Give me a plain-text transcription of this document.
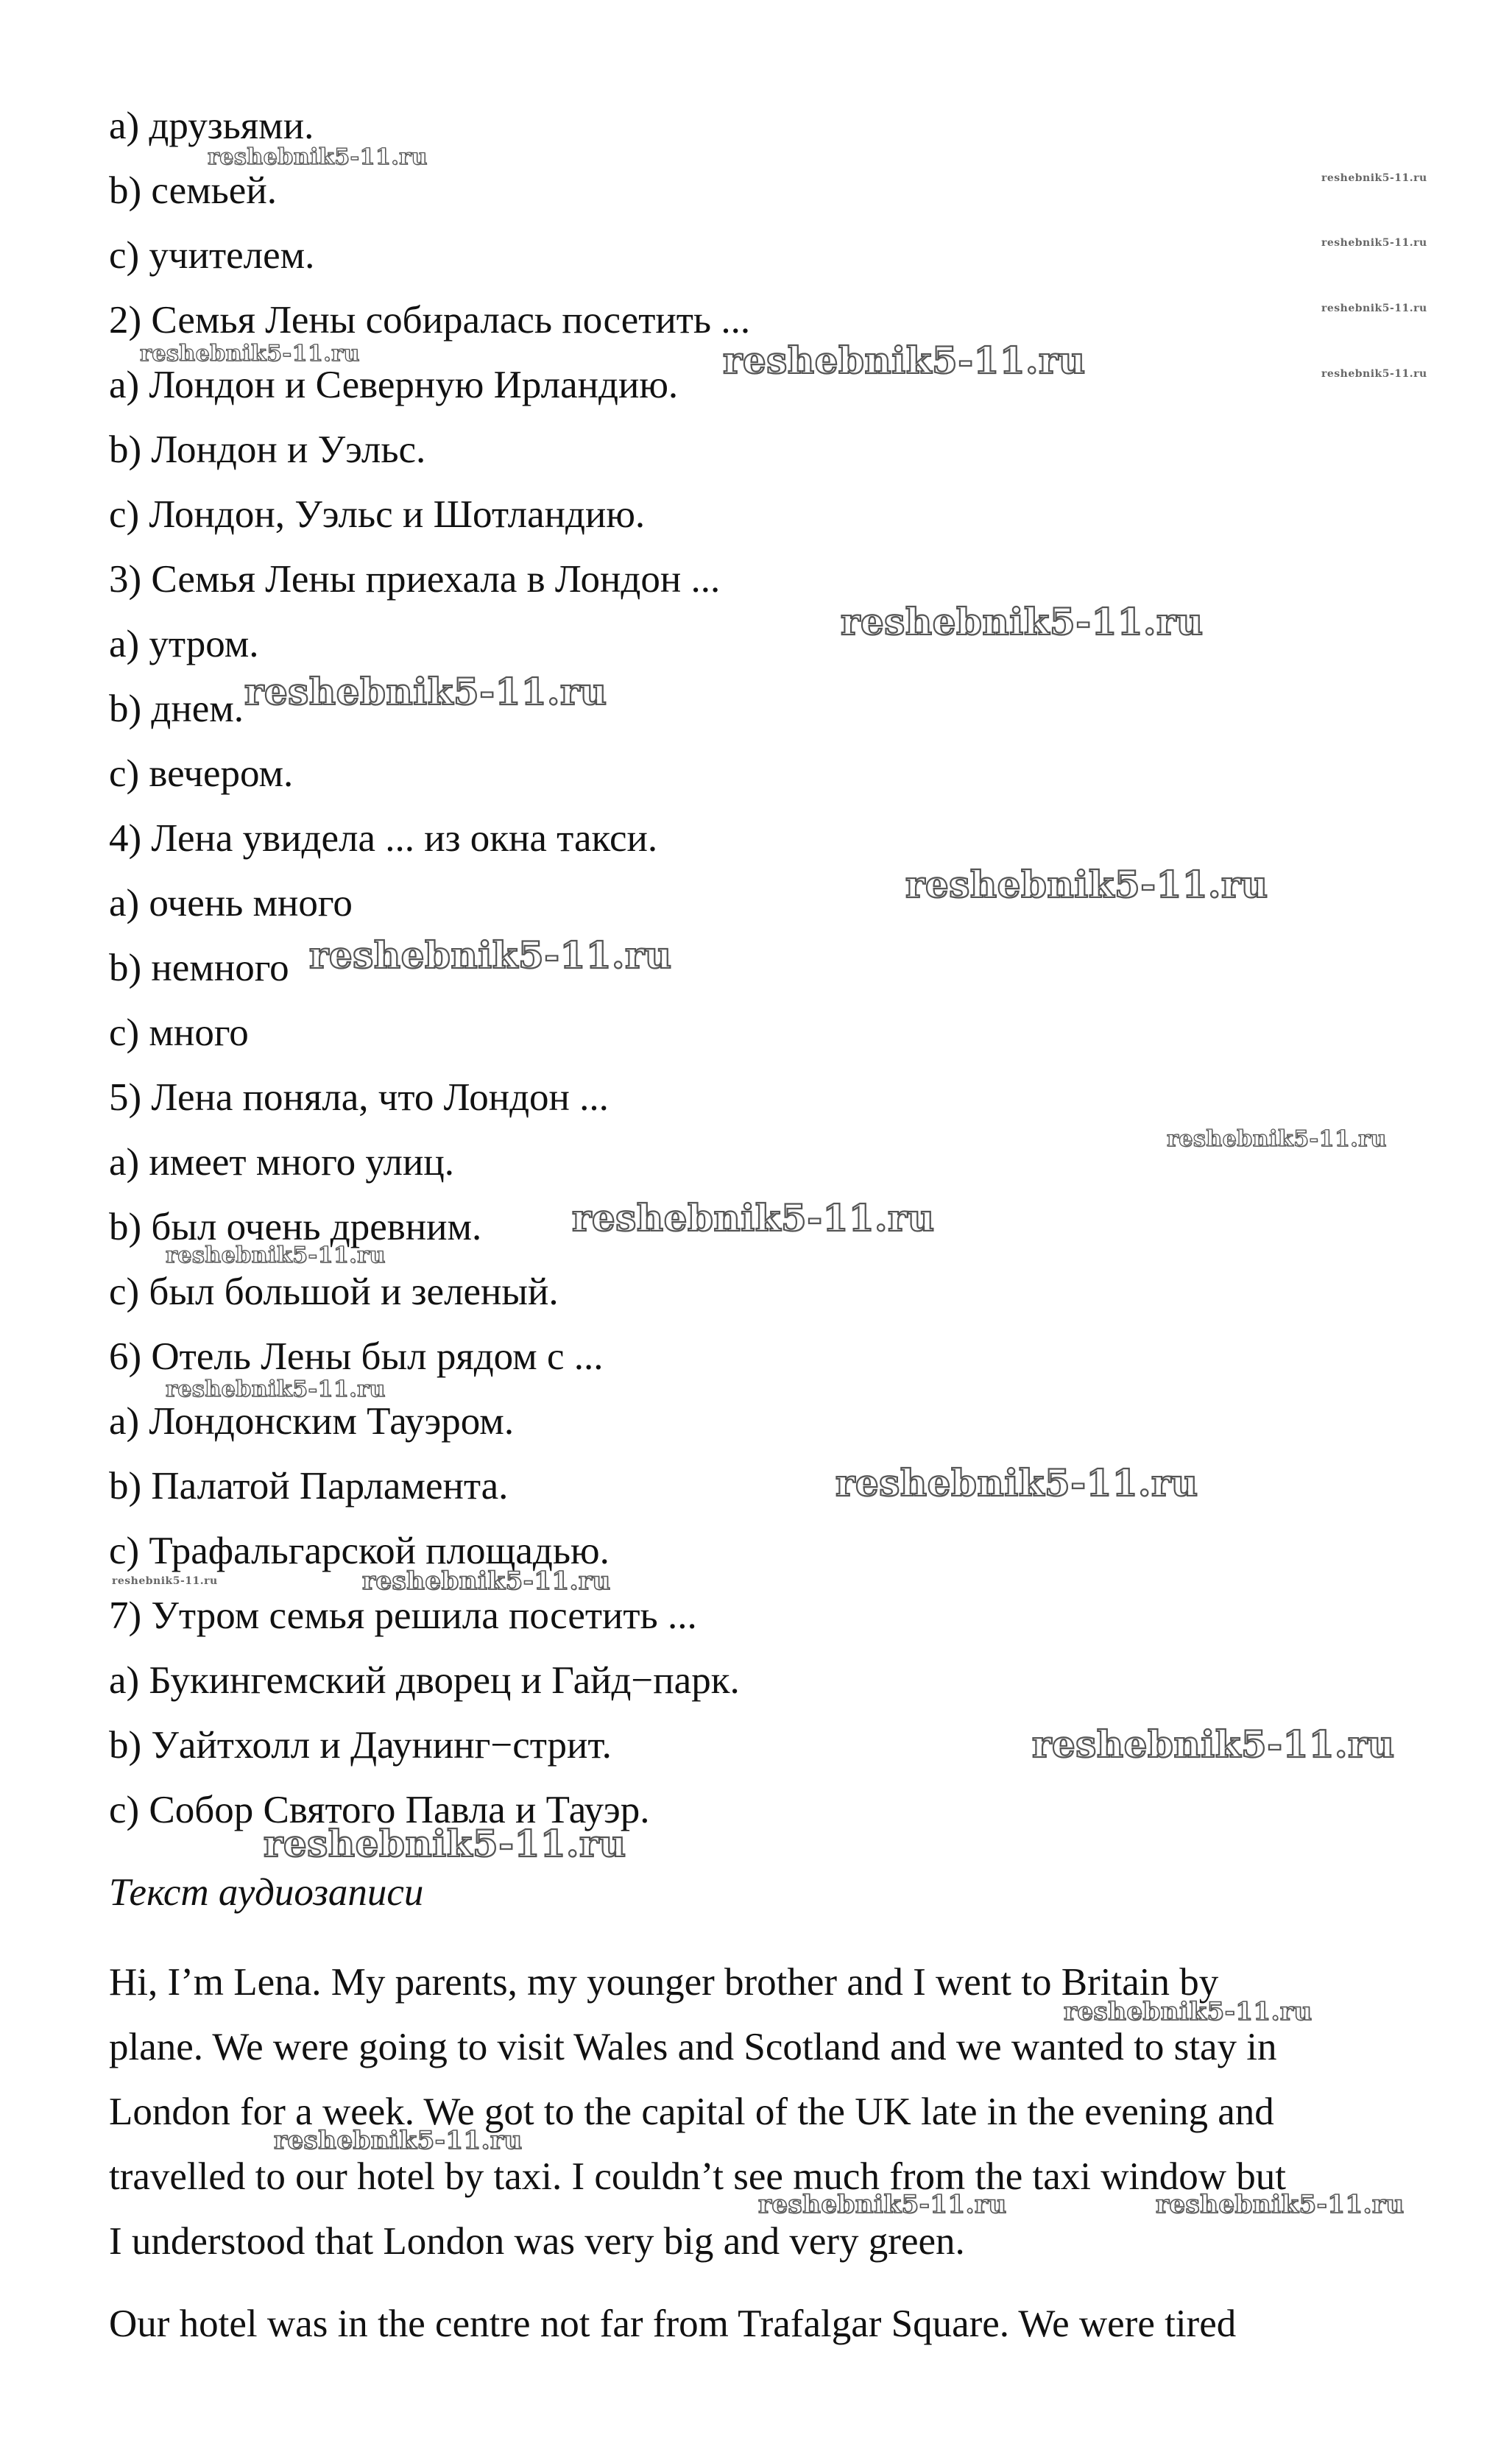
a) друзьями.
b) семьей.
c) учителем.
2) Семья Лены собиралась посетить ...
a) Лондон и Северную Ирландию.
b) Лондон и Уэльс.
c) Лондон, Уэльс и Шотландию.
3) Семья Лены приехала в Лондон ...
a) утром.
b) днем.
c) вечером.
4) Лена увидела ... из окна такси.
a) очень много
b) немного
c) много
5) Лена поняла, что Лондон ...
a) имеет много улиц.
b) был очень древним.
c) был большой и зеленый.
6) Отель Лены был рядом с ...
a) Лондонским Тауэром.
b) Палатой Парламента.
c) Трафальгарской площадью.
7) Утром семья решила посетить ...
a) Букингемский дворец и Гайд−парк.
b) Уайтхолл и Даунинг−стрит.
c) Собор Святого Павла и Тауэр.
Текст аудиозаписи
Hi, I’m Lena. My parents, my younger brother and I went to Britain by
plane. We were going to visit Wales and Scotland and we wanted to stay in
London for a week. We got to the capital of the UK late in the evening and
travelled to our hotel by taxi. I couldn’t see much from the taxi window but
I understood that London was very big and very green.
Our hotel was in the centre not far from Trafalgar Square. We were tired
reshebnik5-11.ru
reshebnik5-11.ru
reshebnik5-11.ru
reshebnik5-11.ru
reshebnik5-11.ru
reshebnik5-11.ru	reshebnik5-11.ru
reshebnik5-11.ru
reshebnik5-11.ru
reshebnik5-11.ru
reshebnik5-11.ru
reshebnik5-11.ru
reshebnik5-11.ru
reshebnik5-11.ru
reshebnik5-11.ru
reshebnik5-11.ru
reshebnik5-11.ru	reshebnik5-11.ru
reshebnik5-11.ru
reshebnik5-11.ru
reshebnik5-11.ru
reshebnik5-11.ru
reshebnik5-11.ru	reshebnik5-11.ru
